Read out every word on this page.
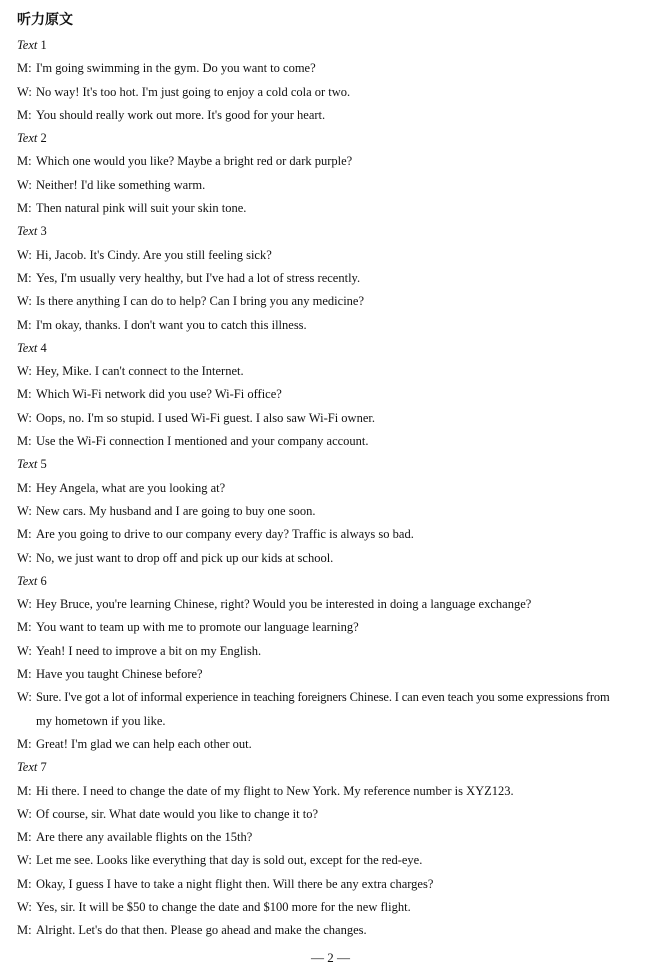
听力原文
Text 1
M: I'm going swimming in the gym. Do you want to come?
W: No way! It's too hot. I'm just going to enjoy a cold cola or two.
M: You should really work out more. It's good for your heart.
Text 2
M: Which one would you like? Maybe a bright red or dark purple?
W: Neither! I'd like something warm.
M: Then natural pink will suit your skin tone.
Text 3
W: Hi, Jacob. It's Cindy. Are you still feeling sick?
M: Yes, I'm usually very healthy, but I've had a lot of stress recently.
W: Is there anything I can do to help? Can I bring you any medicine?
M: I'm okay, thanks. I don't want you to catch this illness.
Text 4
W: Hey, Mike. I can't connect to the Internet.
M: Which Wi-Fi network did you use? Wi-Fi office?
W: Oops, no. I'm so stupid. I used Wi-Fi guest. I also saw Wi-Fi owner.
M: Use the Wi-Fi connection I mentioned and your company account.
Text 5
M: Hey Angela, what are you looking at?
W: New cars. My husband and I are going to buy one soon.
M: Are you going to drive to our company every day? Traffic is always so bad.
W: No, we just want to drop off and pick up our kids at school.
Text 6
W: Hey Bruce, you're learning Chinese, right? Would you be interested in doing a language exchange?
M: You want to team up with me to promote our language learning?
W: Yeah! I need to improve a bit on my English.
M: Have you taught Chinese before?
W: Sure. I've got a lot of informal experience in teaching foreigners Chinese. I can even teach you some expressions from
my hometown if you like.
M: Great! I'm glad we can help each other out.
Text 7
M: Hi there. I need to change the date of my flight to New York. My reference number is XYZ123.
W: Of course, sir. What date would you like to change it to?
M: Are there any available flights on the 15th?
W: Let me see. Looks like everything that day is sold out, except for the red-eye.
M: Okay, I guess I have to take a night flight then. Will there be any extra charges?
W: Yes, sir. It will be $50 to change the date and $100 more for the new flight.
M: Alright. Let's do that then. Please go ahead and make the changes.
— 2 —
